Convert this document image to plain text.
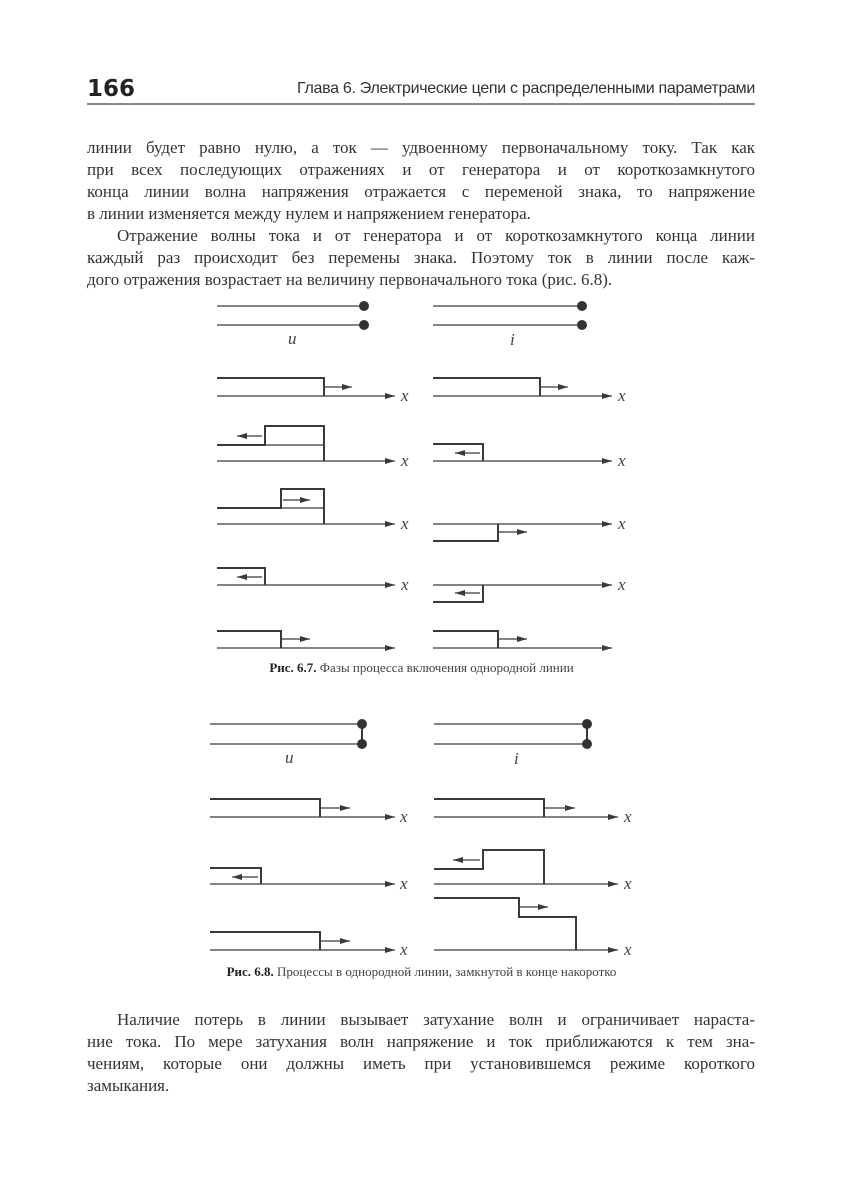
166	Глава 6. Электрические цепи с распределенными параметрами
линии будет равно нулю, а ток — удвоенному первоначальному току. Так как
при всех последующих отражениях и от генератора и от короткозамкнутого
конца линии волна напряжения отражается с переменой знака, то напряжение
в линии изменяется между нулем и напряжением генератора.
Отражение волны тока и от генератора и от короткозамкнутого конца линии
каждый раз происходит без перемены знака. Поэтому ток в линии после каж-
дого отражения возрастает на величину первоначального тока (рис. 6.8).
u	i
x	x
x	x
x	x
x	x
u	i
x	x
x	x
x	x
Рис. 6.7. Фазы процесса включения однородной линии
Рис. 6.8. Процессы в однородной линии, замкнутой в конце накоротко
Наличие потерь в линии вызывает затухание волн и ограничивает нараста-
ние тока. По мере затухания волн напряжение и ток приближаются к тем зна-
чениям, которые они должны иметь при установившемся режиме короткого
замыкания.
